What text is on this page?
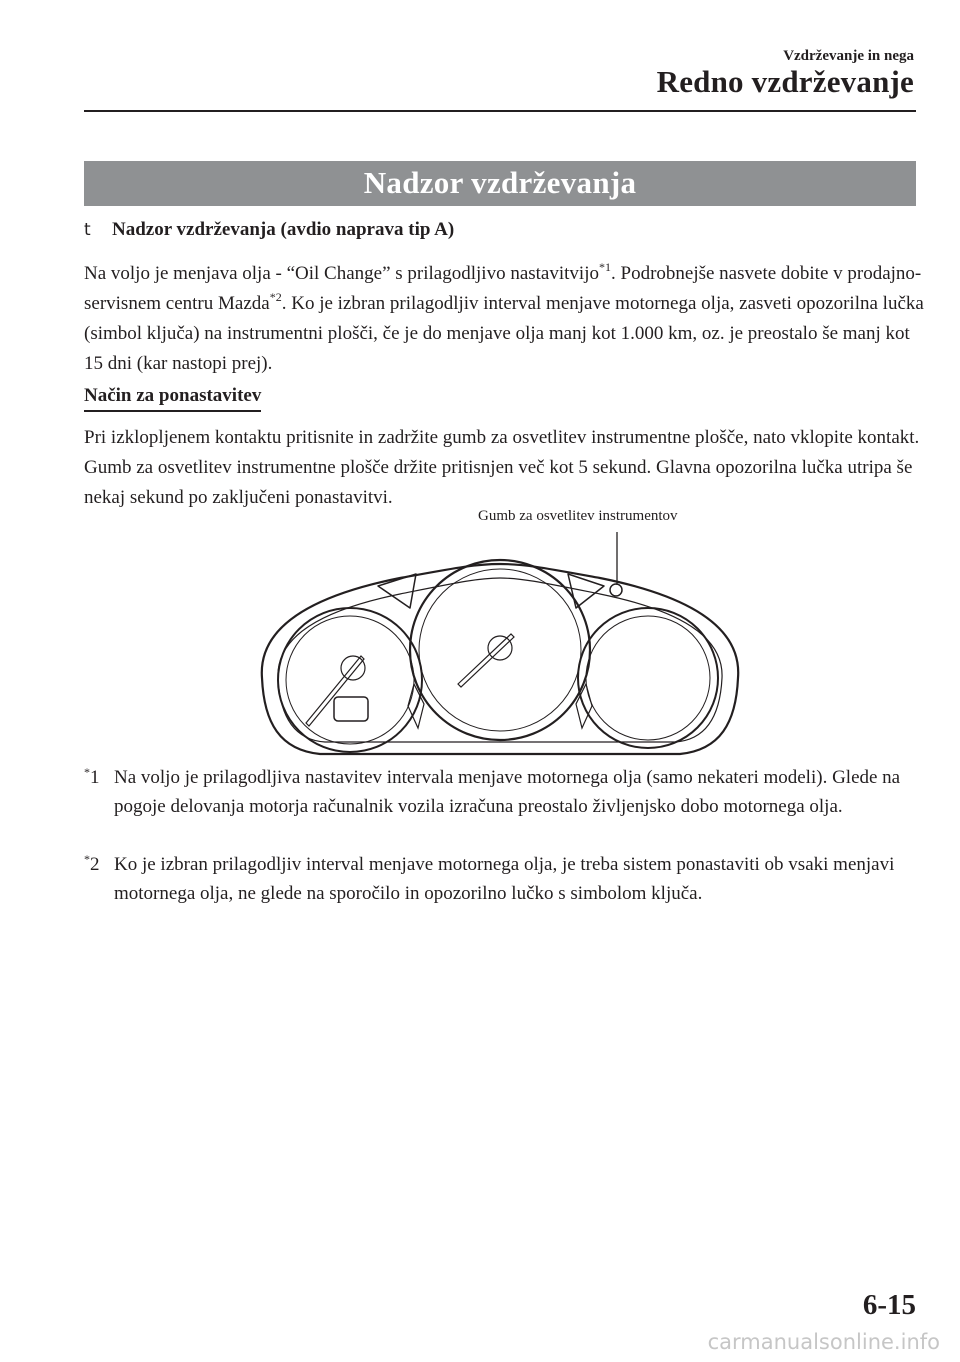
Vzdrževanje in nega
Redno vzdrževanje
Nadzor vzdrževanja
t Nadzor vzdrževanja (avdio naprava tip A)
Na voljo je menjava olja - “Oil Change” s prilagodljivo nastavitvijo$^{*1}$. Podrobnejše nasvete dobite v prodajno-servisnem centru Mazda$^{*2}$. Ko je izbran prilagodljiv interval menjave motornega olja, zasveti opozorilna lučka (simbol ključa) na instrumentni plošči, če je do menjave olja manj kot 1.000 km, oz. je preostalo še manj kot 15 dni (kar nastopi prej).
Način za ponastavitev
Pri izklopljenem kontaktu pritisnite in zadržite gumb za osvetlitev instrumentne plošče, nato vklopite kontakt. Gumb za osvetlitev instrumentne plošče držite pritisnjen več kot 5 sekund. Glavna opozorilna lučka utripa še nekaj sekund po zaključeni ponastavitvi.
Gumb za osvetlitev instrumentov
*1 Na voljo je prilagodljiva nastavitev intervala menjave motornega olja (samo nekateri modeli). Glede na pogoje delovanja motorja računalnik vozila izračuna preostalo življenjsko dobo motornega olja.
*2 Ko je izbran prilagodljiv interval menjave motornega olja, je treba sistem ponastaviti ob vsaki menjavi motornega olja, ne glede na sporočilo in opozorilno lučko s simbolom ključa.
6-15
carmanualsonline.info
